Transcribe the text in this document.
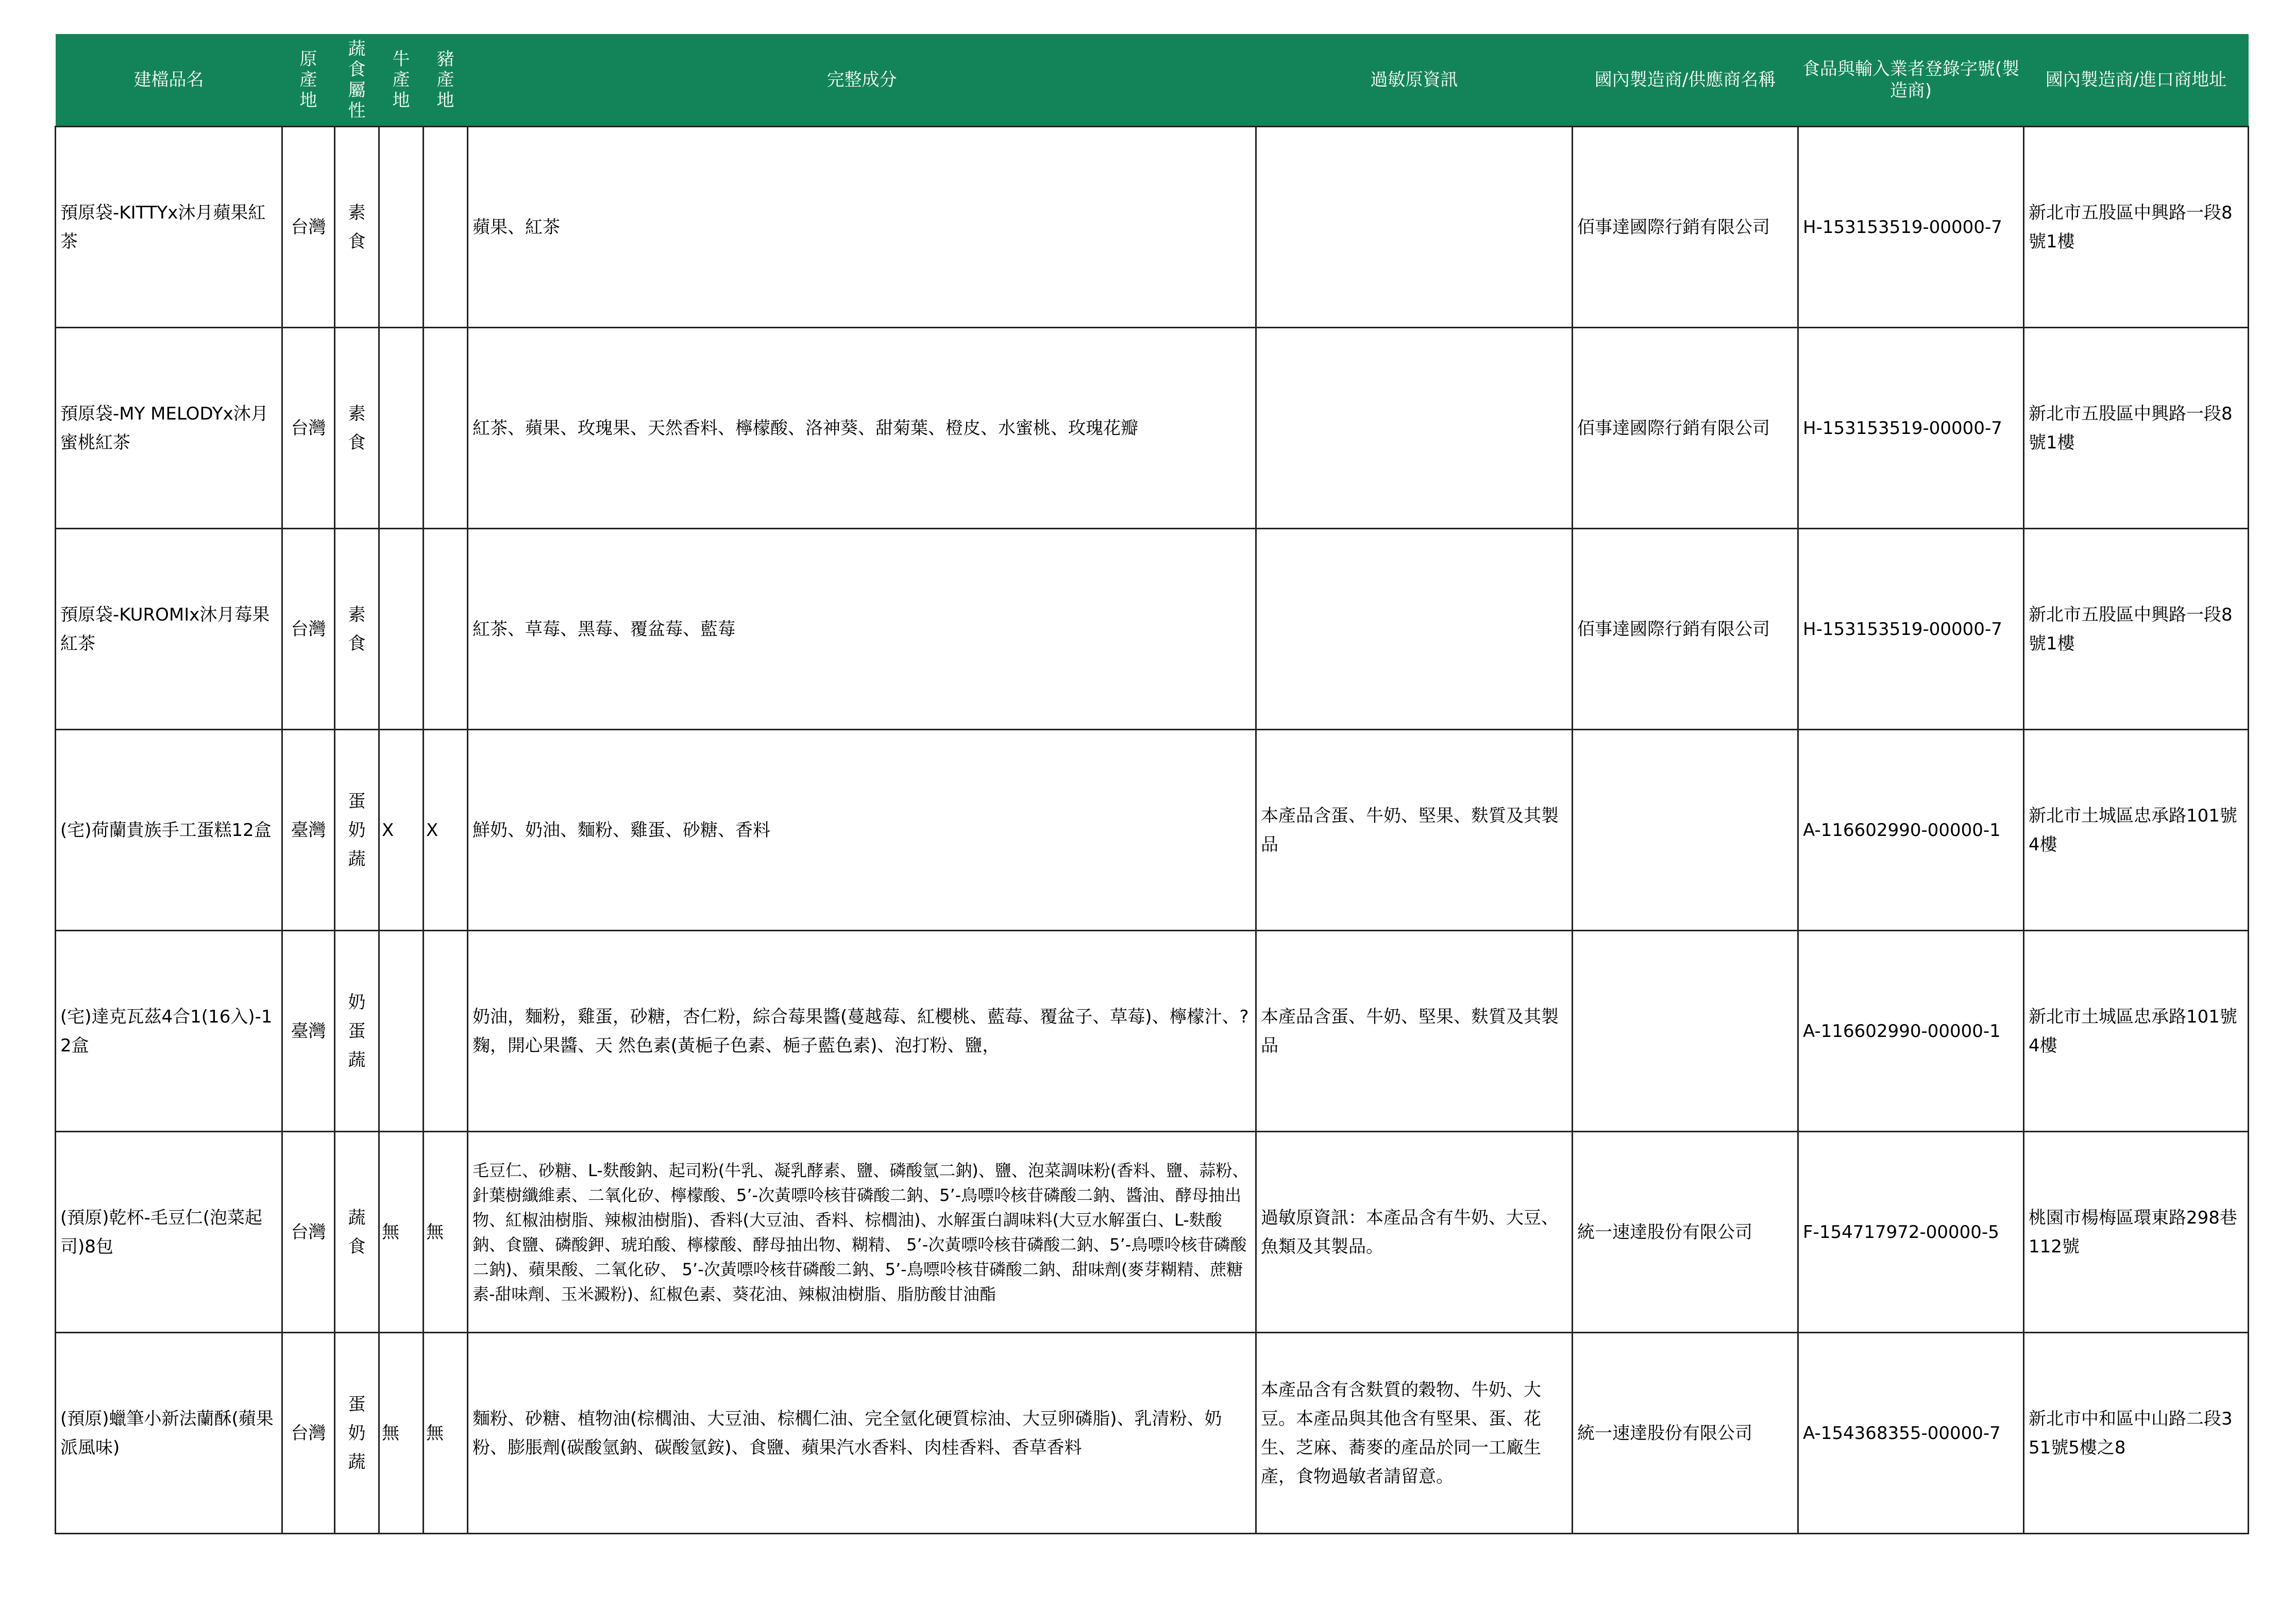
建檔品名	原產地	蔬食屬性	牛產地	豬產地	完整成分	過敏原資訊	國內製造商/供應商名稱	食品與輸入業者登錄字號(製造商)	國內製造商/進口商地址
預原袋-KITTYx沐月蘋果紅茶	台灣	素食			蘋果、紅茶		佰事達國際行銷有限公司	H-153153519-00000-7	新北市五股區中興路一段8號1樓
預原袋-MY MELODYx沐月蜜桃紅茶	台灣	素食			紅茶、蘋果、玫瑰果、天然香料、檸檬酸、洛神葵、甜菊葉、橙皮、水蜜桃、玫瑰花瓣		佰事達國際行銷有限公司	H-153153519-00000-7	新北市五股區中興路一段8號1樓
預原袋-KUROMIx沐月莓果紅茶	台灣	素食			紅茶、草莓、黑莓、覆盆莓、藍莓		佰事達國際行銷有限公司	H-153153519-00000-7	新北市五股區中興路一段8號1樓
(宅)荷蘭貴族手工蛋糕12盒	臺灣	蛋奶蔬	X	X	鮮奶、奶油、麵粉、雞蛋、砂糖、香料	本產品含蛋、牛奶、堅果、麩質及其製品		A-116602990-00000-1	新北市土城區忠承路101號4樓
(宅)達克瓦茲4合1(16入)-12盒	臺灣	奶蛋蔬			奶油，麵粉，雞蛋，砂糖，杏仁粉，綜合莓果醬(蔓越莓、紅櫻桃、藍莓、覆盆子、草莓)、檸檬汁、?麴，開心果醬、天 然色素(黃梔子色素、梔子藍色素)、泡打粉、鹽，	本產品含蛋、牛奶、堅果、麩質及其製品		A-116602990-00000-1	新北市土城區忠承路101號4樓
(預原)乾杯-毛豆仁(泡菜起司)8包	台灣	蔬食	無	無	毛豆仁、砂糖、L-麩酸鈉、起司粉(牛乳、凝乳酵素、鹽、磷酸氫二鈉)、鹽、泡菜調味粉(香料、鹽、蒜粉、針葉樹纖維素、二氧化矽、檸檬酸、5ʼ-次黃嘌呤核苷磷酸二鈉、5ʼ-鳥嘌呤核苷磷酸二鈉、醬油、酵母抽出物、紅椒油樹脂、辣椒油樹脂)、香料(大豆油、香料、棕櫚油)、水解蛋白調味料(大豆水解蛋白、L-麩酸鈉、食鹽、磷酸鉀、琥珀酸、檸檬酸、酵母抽出物、糊精、 5ʼ-次黃嘌呤核苷磷酸二鈉、5ʼ-鳥嘌呤核苷磷酸二鈉)、蘋果酸、二氧化矽、 5ʼ-次黃嘌呤核苷磷酸二鈉、5ʼ-鳥嘌呤核苷磷酸二鈉、甜味劑(麥芽糊精、蔗糖素-甜味劑、玉米澱粉)、紅椒色素、葵花油、辣椒油樹脂、脂肪酸甘油酯	過敏原資訊：本產品含有牛奶、大豆、魚類及其製品。	統一速達股份有限公司	F-154717972-00000-5	桃園市楊梅區環東路298巷112號
(預原)蠟筆小新法蘭酥(蘋果派風味)	台灣	蛋奶蔬	無	無	麵粉、砂糖、植物油(棕櫚油、大豆油、棕櫚仁油、完全氫化硬質棕油、大豆卵磷脂)、乳清粉、奶粉、膨脹劑(碳酸氫鈉、碳酸氫銨)、食鹽、蘋果汽水香料、肉桂香料、香草香料	本產品含有含麩質的穀物、牛奶、大豆。本產品與其他含有堅果、蛋、花生、芝麻、蕎麥的產品於同一工廠生產，食物過敏者請留意。	統一速達股份有限公司	A-154368355-00000-7	新北市中和區中山路二段351號5樓之8
